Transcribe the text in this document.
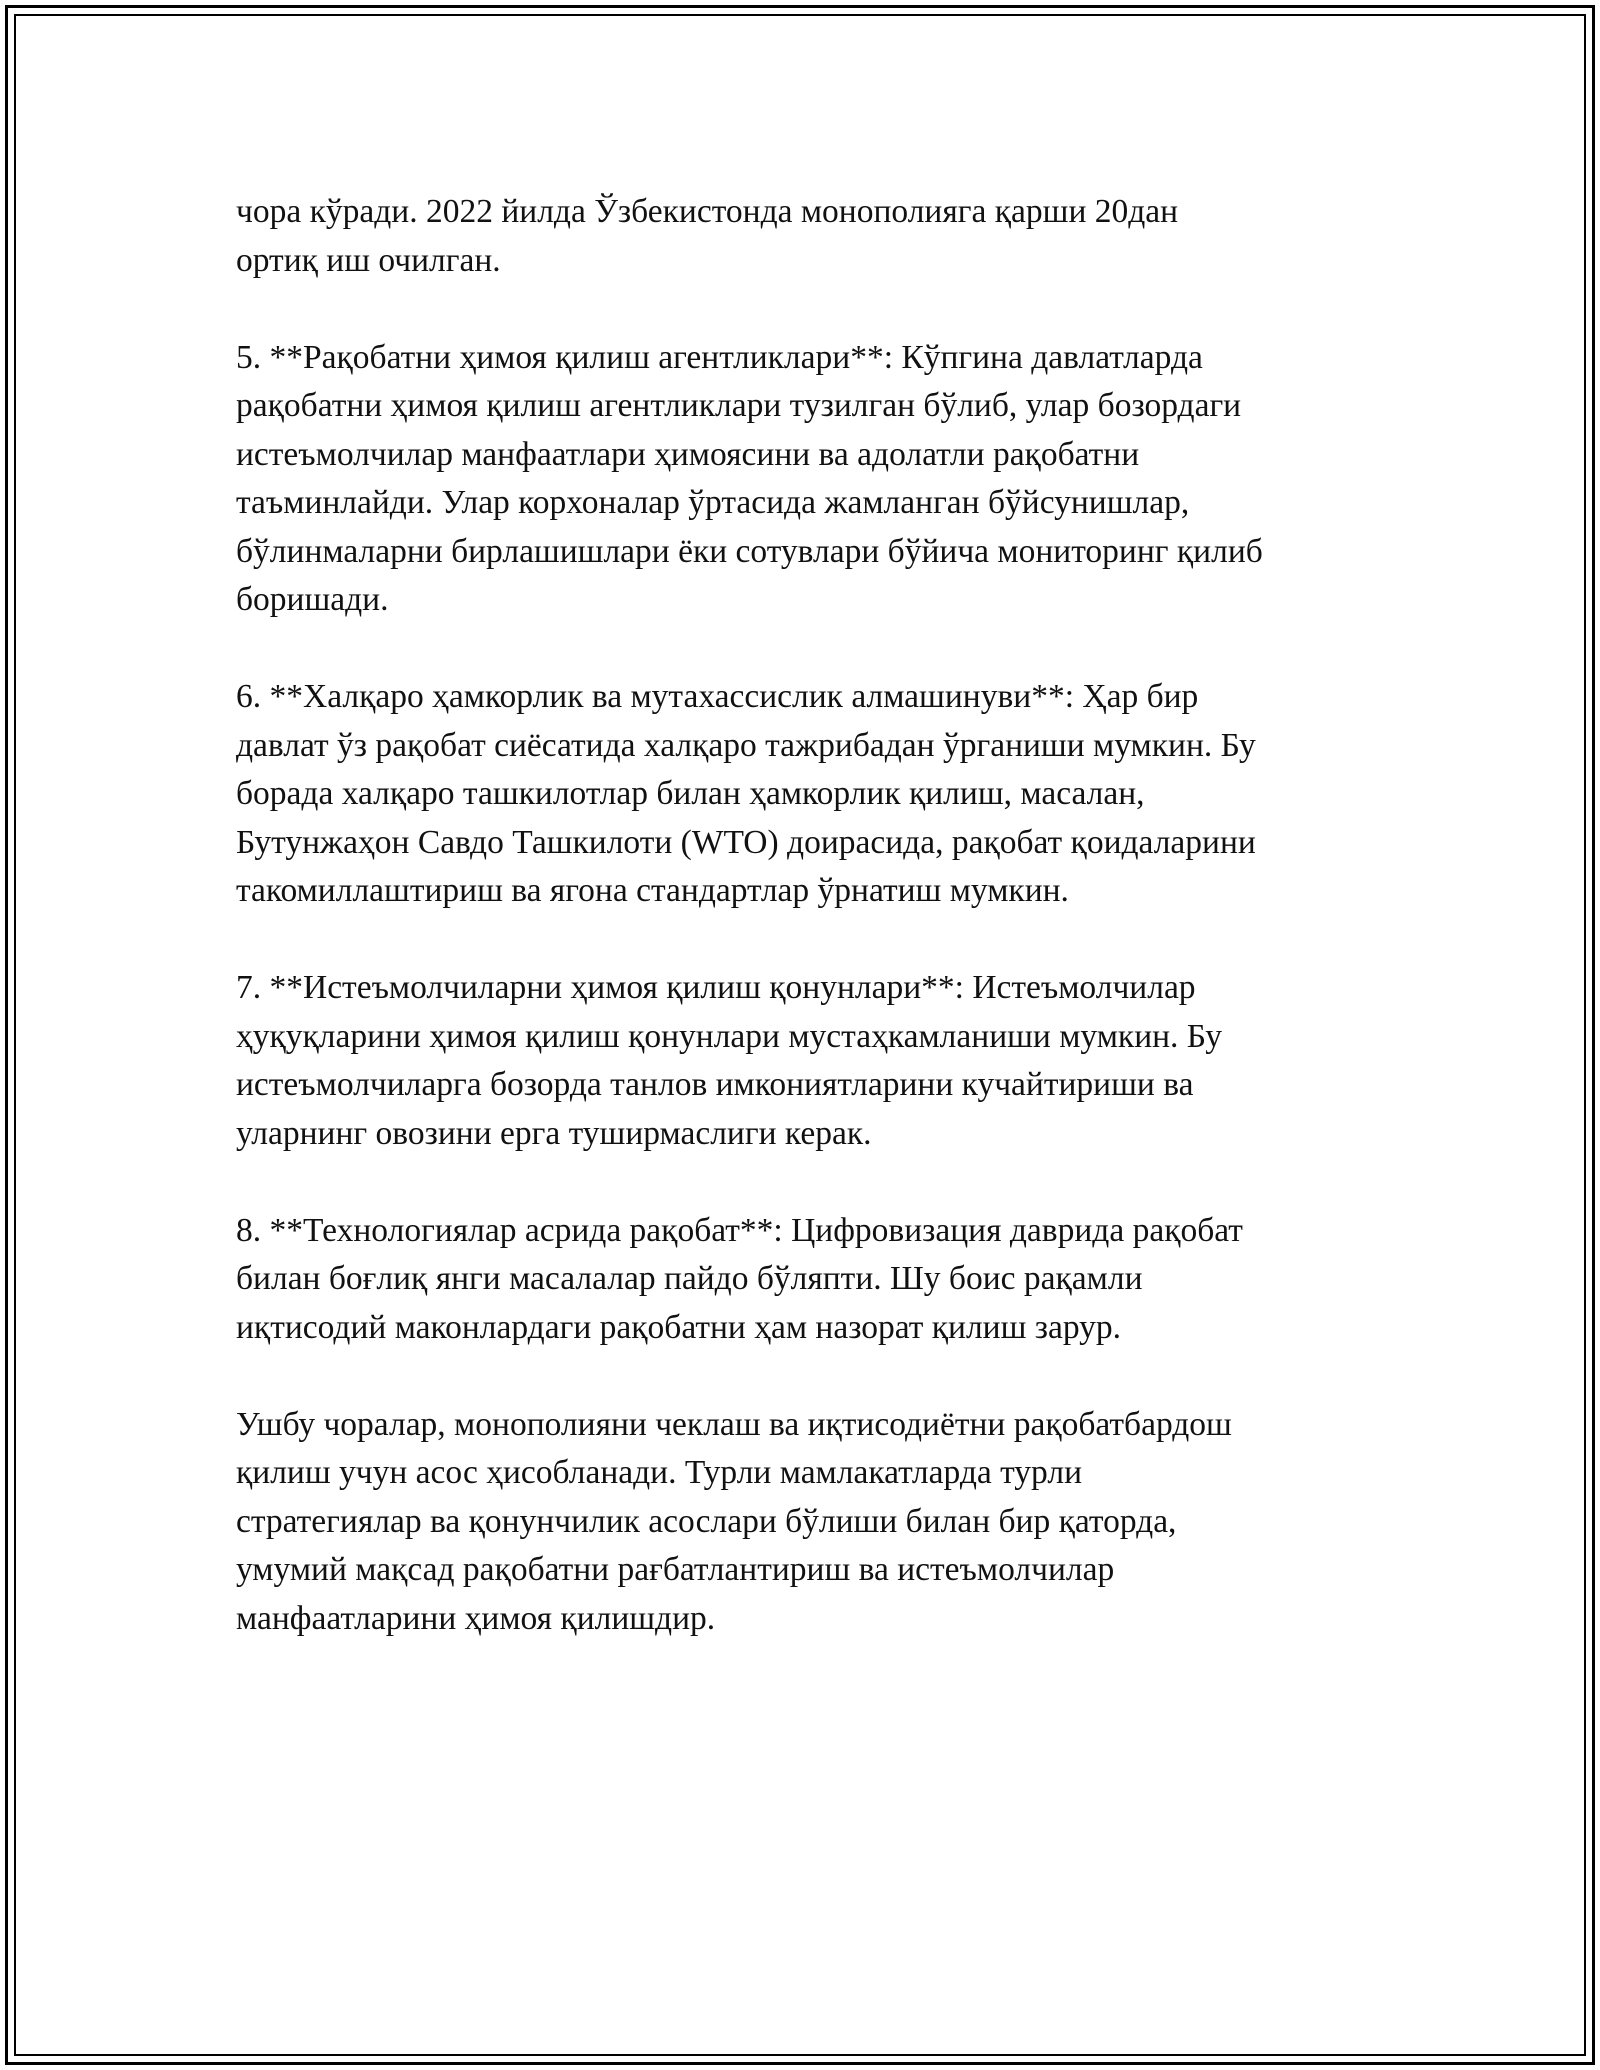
чора кўради. 2022 йилда Ўзбекистонда монополияга қарши 20дан
ортиқ иш очилган.

5. **Рақобатни ҳимоя қилиш агентликлари**: Кўпгина давлатларда
рақобатни ҳимоя қилиш агентликлари тузилган бўлиб, улар бозордаги
истеъмолчилар манфаатлари ҳимоясини ва адолатли рақобатни
таъминлайди. Улар корхоналар ўртасида жамланган бўйсунишлар,
бўлинмаларни бирлашишлари ёки сотувлари бўйича мониторинг қилиб
боришади.

6. **Халқаро ҳамкорлик ва мутахассислик алмашинуви**: Ҳар бир
давлат ўз рақобат сиёсатида халқаро тажрибадан ўрганиши мумкин. Бу
борада халқаро ташкилотлар билан ҳамкорлик қилиш, масалан,
Бутунжаҳон Савдо Ташкилоти (WTO) доирасида, рақобат қоидаларини
такомиллаштириш ва ягона стандартлар ўрнатиш мумкин.

7. **Истеъмолчиларни ҳимоя қилиш қонунлари**: Истеъмолчилар
ҳуқуқларини ҳимоя қилиш қонунлари мустаҳкамланиши мумкин. Бу
истеъмолчиларга бозорда танлов имкониятларини кучайтириши ва
уларнинг овозини ерга туширмаслиги керак.

8. **Технологиялар асрида рақобат**: Цифровизация даврида рақобат
билан боғлиқ янги масалалар пайдо бўляпти. Шу боис рақамли
иқтисодий маконлардаги рақобатни ҳам назорат қилиш зарур.

Ушбу чоралар, монополияни чеклаш ва иқтисодиётни рақобатбардош
қилиш учун асос ҳисобланади. Турли мамлакатларда турли
стратегиялар ва қонунчилик асослари бўлиши билан бир қаторда,
умумий мақсад рақобатни рағбатлантириш ва истеъмолчилар
манфаатларини ҳимоя қилишдир.
